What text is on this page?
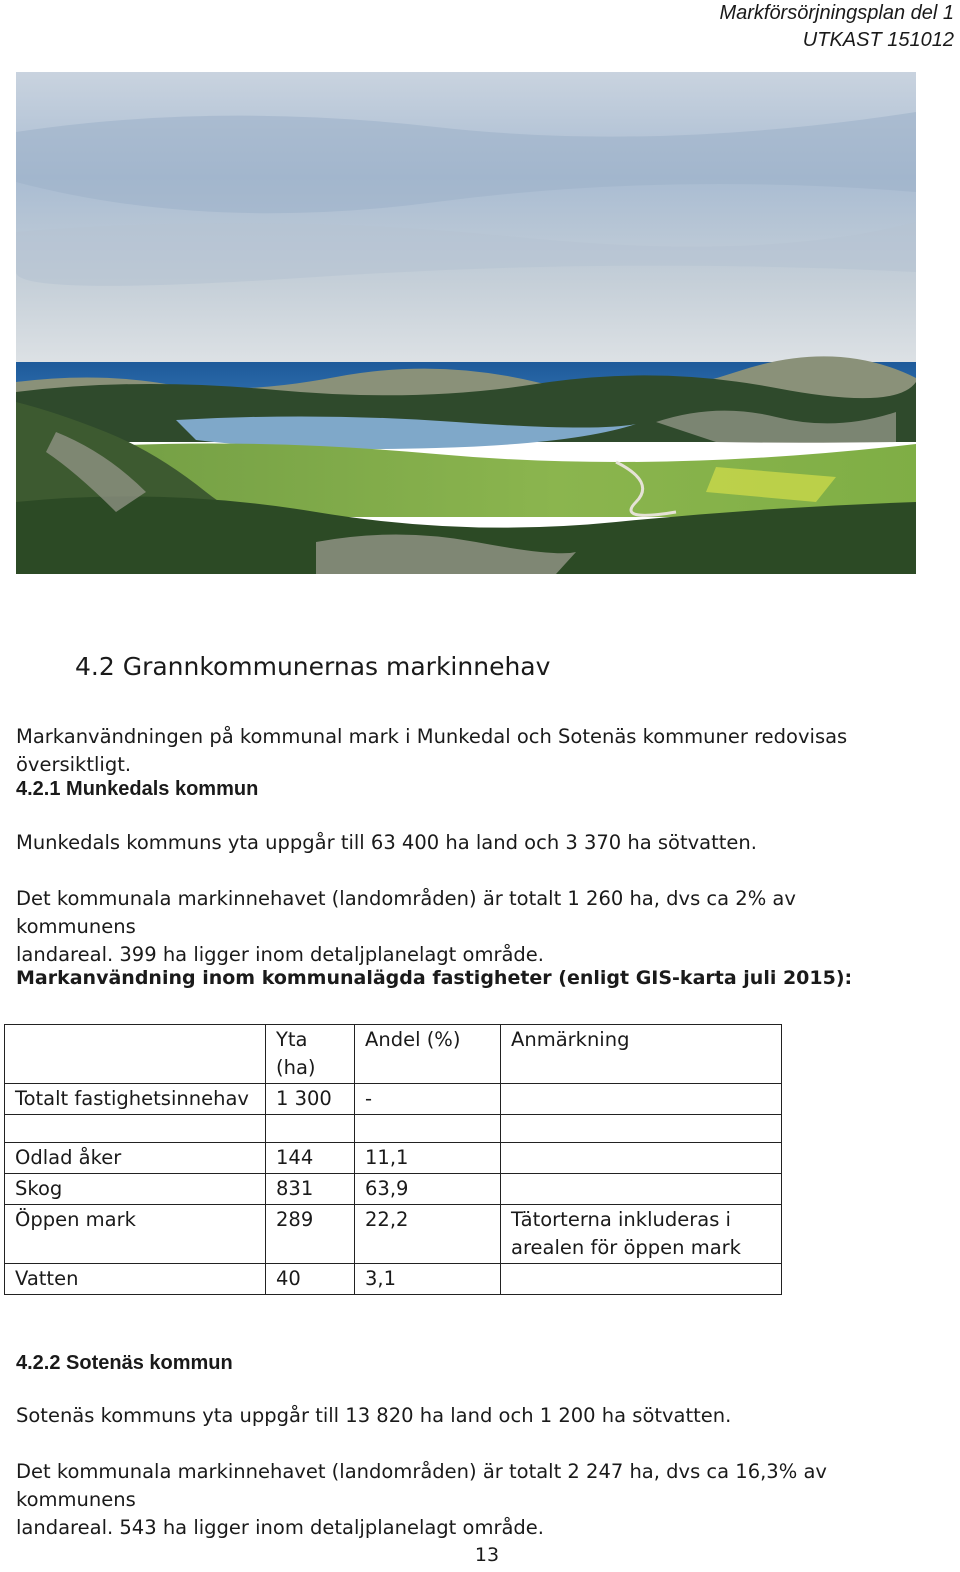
Markförsörjningsplan del 1
UTKAST 151012
4.2 Grannkommunernas markinnehav

Markanvändningen på kommunal mark i Munkedal och Sotenäs kommuner redovisas översiktligt.

4.2.1 Munkedals kommun

Munkedals kommuns yta uppgår till 63 400 ha land och 3 370 ha sötvatten.

Det kommunala markinnehavet (landområden) är totalt 1 260 ha, dvs ca 2% av kommunens
landareal. 399 ha ligger inom detaljplanelagt område.

Markanvändning inom kommunalägda fastigheter (enligt GIS-karta juli 2015):

	Yta (ha)	Andel (%)	Anmärkning
Totalt fastighetsinnehav	1 300	-	

Odlad åker	144	11,1	
Skog	831	63,9	
Öppen mark	289	22,2	Tätorterna inkluderas i arealen för öppen mark
Vatten	40	3,1	
4.2.2 Sotenäs kommun

Sotenäs kommuns yta uppgår till 13 820 ha land och 1 200 ha sötvatten.

Det kommunala markinnehavet (landområden) är totalt 2 247 ha, dvs ca 16,3% av kommunens
landareal. 543 ha ligger inom detaljplanelagt område.

13
